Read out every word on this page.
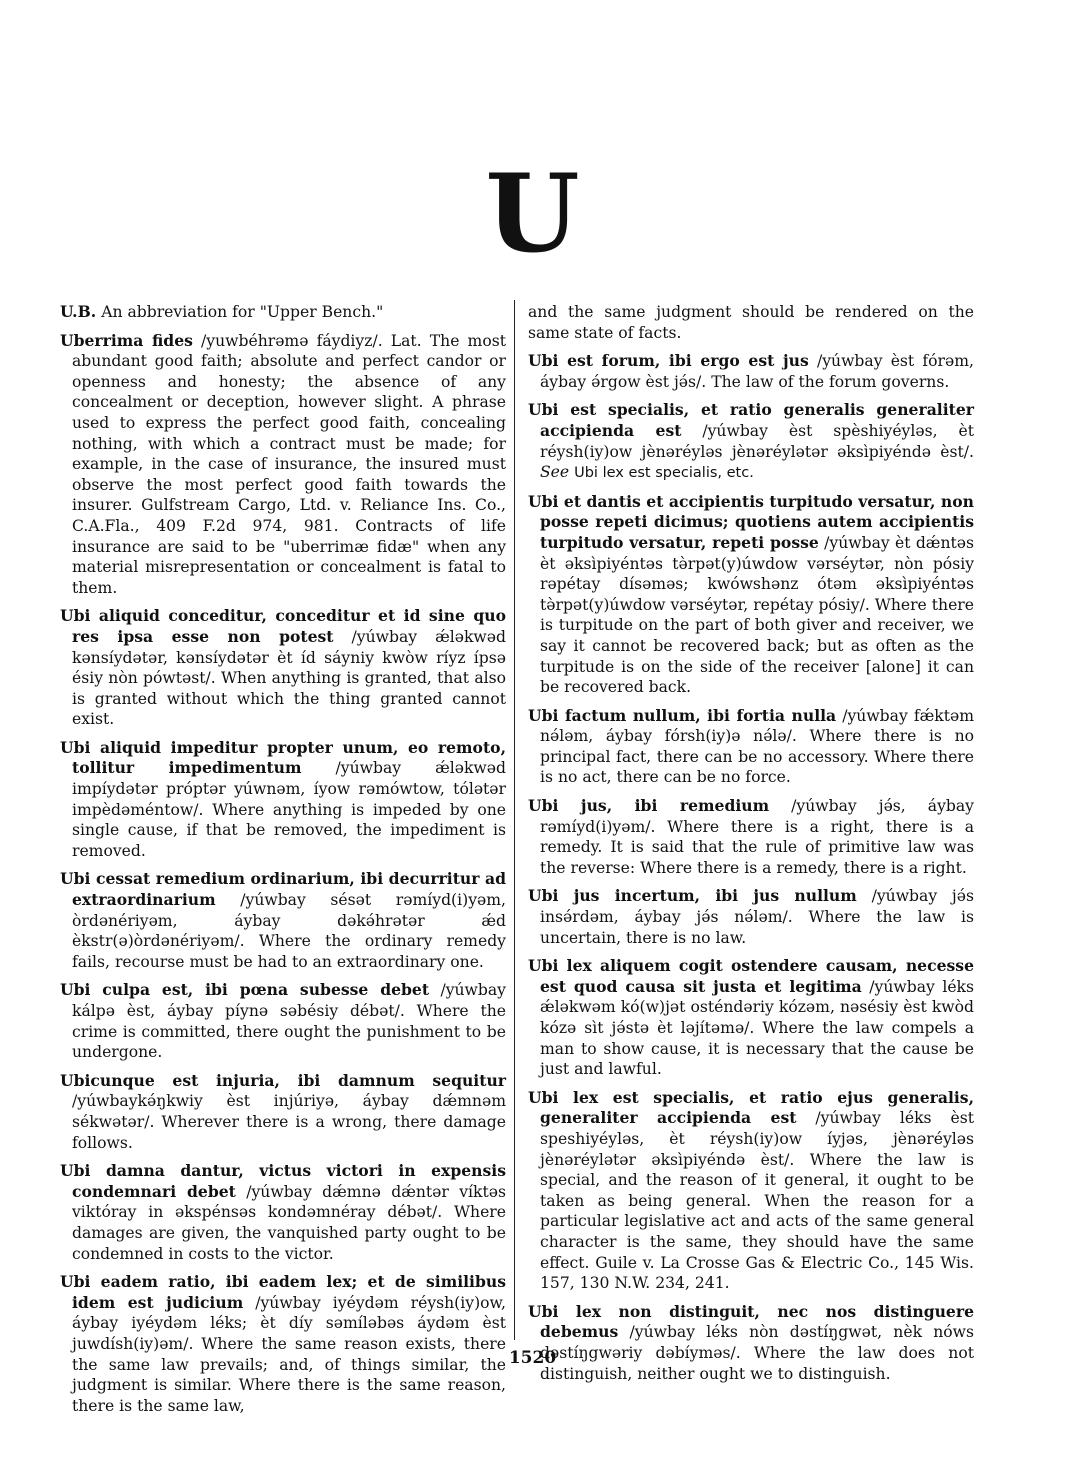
U

U.B. An abbreviation for "Upper Bench."

Uberrima fides /yuwbéhrəmə fáydiyz/. Lat. The most abundant good faith; absolute and perfect candor or openness and honesty; the absence of any concealment or deception, however slight. A phrase used to express the perfect good faith, concealing nothing, with which a contract must be made; for example, in the case of insurance, the insured must observe the most perfect good faith towards the insurer. Gulfstream Cargo, Ltd. v. Reliance Ins. Co., C.A.Fla., 409 F.2d 974, 981. Contracts of life insurance are said to be "uberrimæ fidæ" when any material misrepresentation or concealment is fatal to them.

Ubi aliquid conceditur, conceditur et id sine quo res ipsa esse non potest /yúwbay ǽləkwəd kənsíydətər, kənsíydətər èt íd sáyniy kwòw ríyz ípsə ésiy nòn pówtəst/. When anything is granted, that also is granted without which the thing granted cannot exist.

Ubi aliquid impeditur propter unum, eo remoto, tollitur impedimentum /yúwbay ǽləkwəd impíydətər próptər yúwnəm, íyow rəmówtow, tólətər impèdəméntow/. Where anything is impeded by one single cause, if that be removed, the impediment is removed.

Ubi cessat remedium ordinarium, ibi decurritur ad extraordinarium /yúwbay sésət rəmíyd(i)yəm, òrdənériyəm, áybay dəkə́hrətər ǽd èkstr(ə)òrdənériyəm/. Where the ordinary remedy fails, recourse must be had to an extraordinary one.

Ubi culpa est, ibi pœna subesse debet /yúwbay kálpə èst, áybay píynə səbésiy débət/. Where the crime is committed, there ought the punishment to be undergone.

Ubicunque est injuria, ibi damnum sequitur /yúwbaykə́ŋkwiy èst injúriyə, áybay dǽmnəm sékwətər/. Wherever there is a wrong, there damage follows.

Ubi damna dantur, victus victori in expensis condemnari debet /yúwbay dǽmnə dǽntər víktəs viktóray in əkspénsəs kondəmnéray débət/. Where damages are given, the vanquished party ought to be condemned in costs to the victor.

Ubi eadem ratio, ibi eadem lex; et de similibus idem est judicium /yúwbay iyéydəm réysh(iy)ow, áybay iyéydəm léks; èt díy səmíləbəs áydəm èst juwdísh(iy)əm/. Where the same reason exists, there the same law prevails; and, of things similar, the judgment is similar. Where there is the same reason, there is the same law,

and the same judgment should be rendered on the same state of facts.

Ubi est forum, ibi ergo est jus /yúwbay èst fórəm, áybay ə́rgow èst jə́s/. The law of the forum governs.

Ubi est specialis, et ratio generalis generaliter accipienda est /yúwbay èst spèshiyéyləs, èt réysh(iy)ow jènəréyləs jènəréylətər əksìpiyéndə èst/. See Ubi lex est specialis, etc.

Ubi et dantis et accipientis turpitudo versatur, non posse repeti dicimus; quotiens autem accipientis turpitudo versatur, repeti posse /yúwbay èt dǽntəs èt əksìpiyéntəs tə̀rpət(y)úwdow vərséytər, nòn pósiy rəpétay dísəməs; kwówshənz ótəm əksìpiyéntəs tə̀rpət(y)úwdow vərséytər, repétay pósiy/. Where there is turpitude on the part of both giver and receiver, we say it cannot be recovered back; but as often as the turpitude is on the side of the receiver [alone] it can be recovered back.

Ubi factum nullum, ibi fortia nulla /yúwbay fǽktəm nə́ləm, áybay fórsh(iy)ə nə́lə/. Where there is no principal fact, there can be no accessory. Where there is no act, there can be no force.

Ubi jus, ibi remedium /yúwbay jə́s, áybay rəmíyd(i)yəm/. Where there is a right, there is a remedy. It is said that the rule of primitive law was the reverse: Where there is a remedy, there is a right.

Ubi jus incertum, ibi jus nullum /yúwbay jə́s insə́rdəm, áybay jə́s nə́ləm/. Where the law is uncertain, there is no law.

Ubi lex aliquem cogit ostendere causam, necesse est quod causa sit justa et legitima /yúwbay léks ǽləkwəm kó(w)jət osténdəriy kózəm, nəsésiy èst kwòd kózə sìt jə́stə èt ləjítəmə/. Where the law compels a man to show cause, it is necessary that the cause be just and lawful.

Ubi lex est specialis, et ratio ejus generalis, generaliter accipienda est /yúwbay léks èst speshiyéyləs, èt réysh(iy)ow íyjəs, jènəréyləs jènəréylətər əksìpiyéndə èst/. Where the law is special, and the reason of it general, it ought to be taken as being general. When the reason for a particular legislative act and acts of the same general character is the same, they should have the same effect. Guile v. La Crosse Gas & Electric Co., 145 Wis. 157, 130 N.W. 234, 241.

Ubi lex non distinguit, nec nos distinguere debemus /yúwbay léks nòn dəstíŋgwət, nèk nóws dəstíŋgwəriy dəbíyməs/. Where the law does not distinguish, neither ought we to distinguish.

1520
